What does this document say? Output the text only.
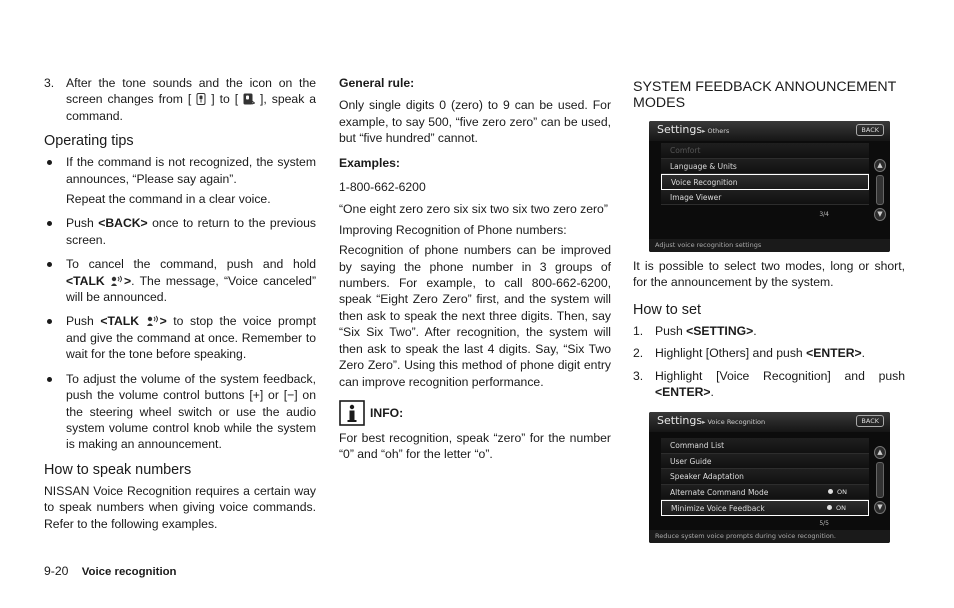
3. After the tone sounds and the icon on the screen changes from [ ] to [ ], speak a command.
Operating tips
If the command is not recognized, the system announces, “Please say again”.
Repeat the command in a clear voice.
Push <BACK> once to return to the previous screen.
To cancel the command, push and hold <TALK >. The message, “Voice canceled” will be announced.
Push <TALK > to stop the voice prompt and give the command at once. Remember to wait for the tone before speaking.
To adjust the volume of the system feedback, push the volume control buttons [+] or [−] on the steering wheel switch or use the audio system volume control knob while the system is making an announcement.
How to speak numbers

NISSAN Voice Recognition requires a certain way to speak numbers when giving voice commands. Refer to the following examples.

General rule:

Only single digits 0 (zero) to 9 can be used. For example, to say 500, “five zero zero” can be used, but “five hundred” cannot.

Examples:

1-800-662-6200

“One eight zero zero six six two six two zero zero”

Improving Recognition of Phone numbers:

Recognition of phone numbers can be improved by saying the phone number in 3 groups of numbers. For example, to call 800-662-6200, speak “Eight Zero Zero” first, and the system will then ask to speak the next three digits. Then, say “Six Six Two”. After recognition, the system will then ask to speak the last 4 digits. Say, “Six Two Zero Zero”. Using this method of phone digit entry can improve recognition performance.

INFO:

For best recognition, speak “zero” for the number “0” and “oh” for the letter “o”.

SYSTEM FEEDBACK ANNOUNCEMENT MODES
Settings▸ Others	BACK
Comfort
Language & Units
Voice Recognition
Image Viewer
3/4
▲
▼
Adjust voice recognition settings

It is possible to select two modes, long or short, for the announcement by the system.

How to set
1. Push <SETTING>.
2. Highlight [Others] and push <ENTER>.
3. Highlight [Voice Recognition] and push <ENTER>.
Settings▸ Voice Recognition	BACK
Command List
User Guide
Speaker Adaptation
Alternate Command Mode	ON
Minimize Voice Feedback	ON
5/5
▲
▼
Reduce system voice prompts during voice recognition.
9-20 Voice recognition
